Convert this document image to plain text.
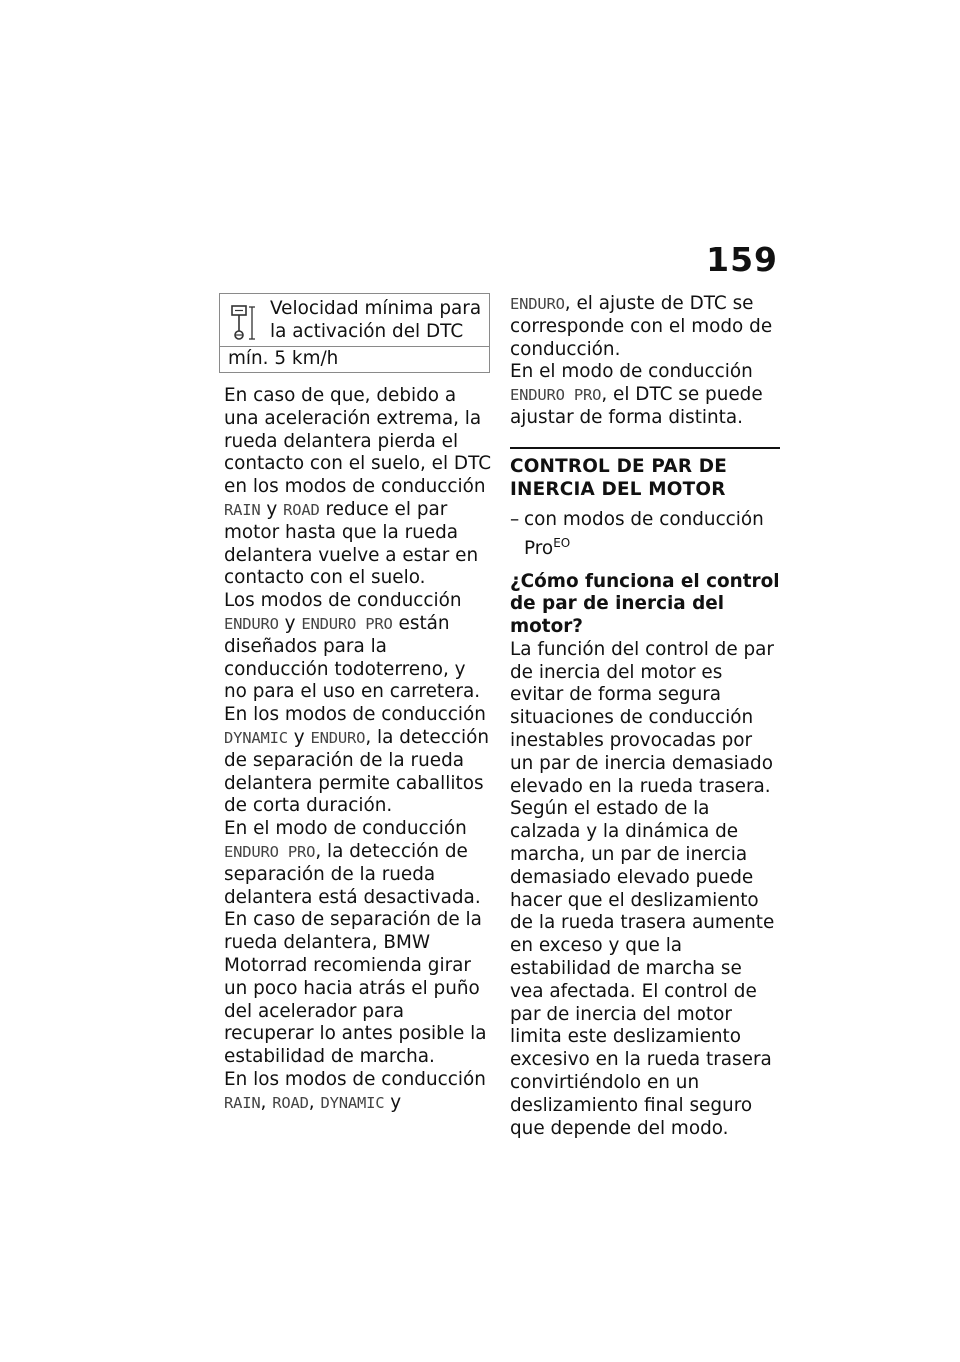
159
Velocidad mínima para la activación del DTC
mín. 5 km/h

En caso de que, debido a una aceleración extrema, la rueda delantera pierda el contacto con el suelo, el DTC en los modos de conducción RAIN y ROAD reduce el par motor hasta que la rueda delantera vuelve a estar en contacto con el suelo.

Los modos de conducción ENDURO y ENDURO PRO están diseñados para la conducción todoterreno, y no para el uso en carretera.

En los modos de conducción DYNAMIC y ENDURO, la detección de separación de la rueda delantera permite caballitos de corta duración.

En el modo de conducción ENDURO PRO, la detección de separación de la rueda delantera está desactivada.

En caso de separación de la rueda delantera, BMW Motorrad recomienda girar un poco hacia atrás el puño del acelerador para recuperar lo antes posible la estabilidad de marcha.

En los modos de conducción RAIN, ROAD, DYNAMIC y

ENDURO, el ajuste de DTC se corresponde con el modo de conducción.

En el modo de conducción ENDURO PRO, el DTC se puede ajustar de forma distinta.

CONTROL DE PAR DE INERCIA DEL MOTOR
– con modos de conducción Pro$^{EO}$

¿Cómo funciona el control de par de inercia del motor?

La función del control de par de inercia del motor es evitar de forma segura situaciones de conducción inestables provocadas por un par de inercia demasiado elevado en la rueda trasera. Según el estado de la calzada y la dinámica de marcha, un par de inercia demasiado elevado puede hacer que el deslizamiento de la rueda trasera aumente en exceso y que la estabilidad de marcha se vea afectada. El control de par de inercia del motor limita este deslizamiento excesivo en la rueda trasera convirtiéndolo en un deslizamiento final seguro que depende del modo.
